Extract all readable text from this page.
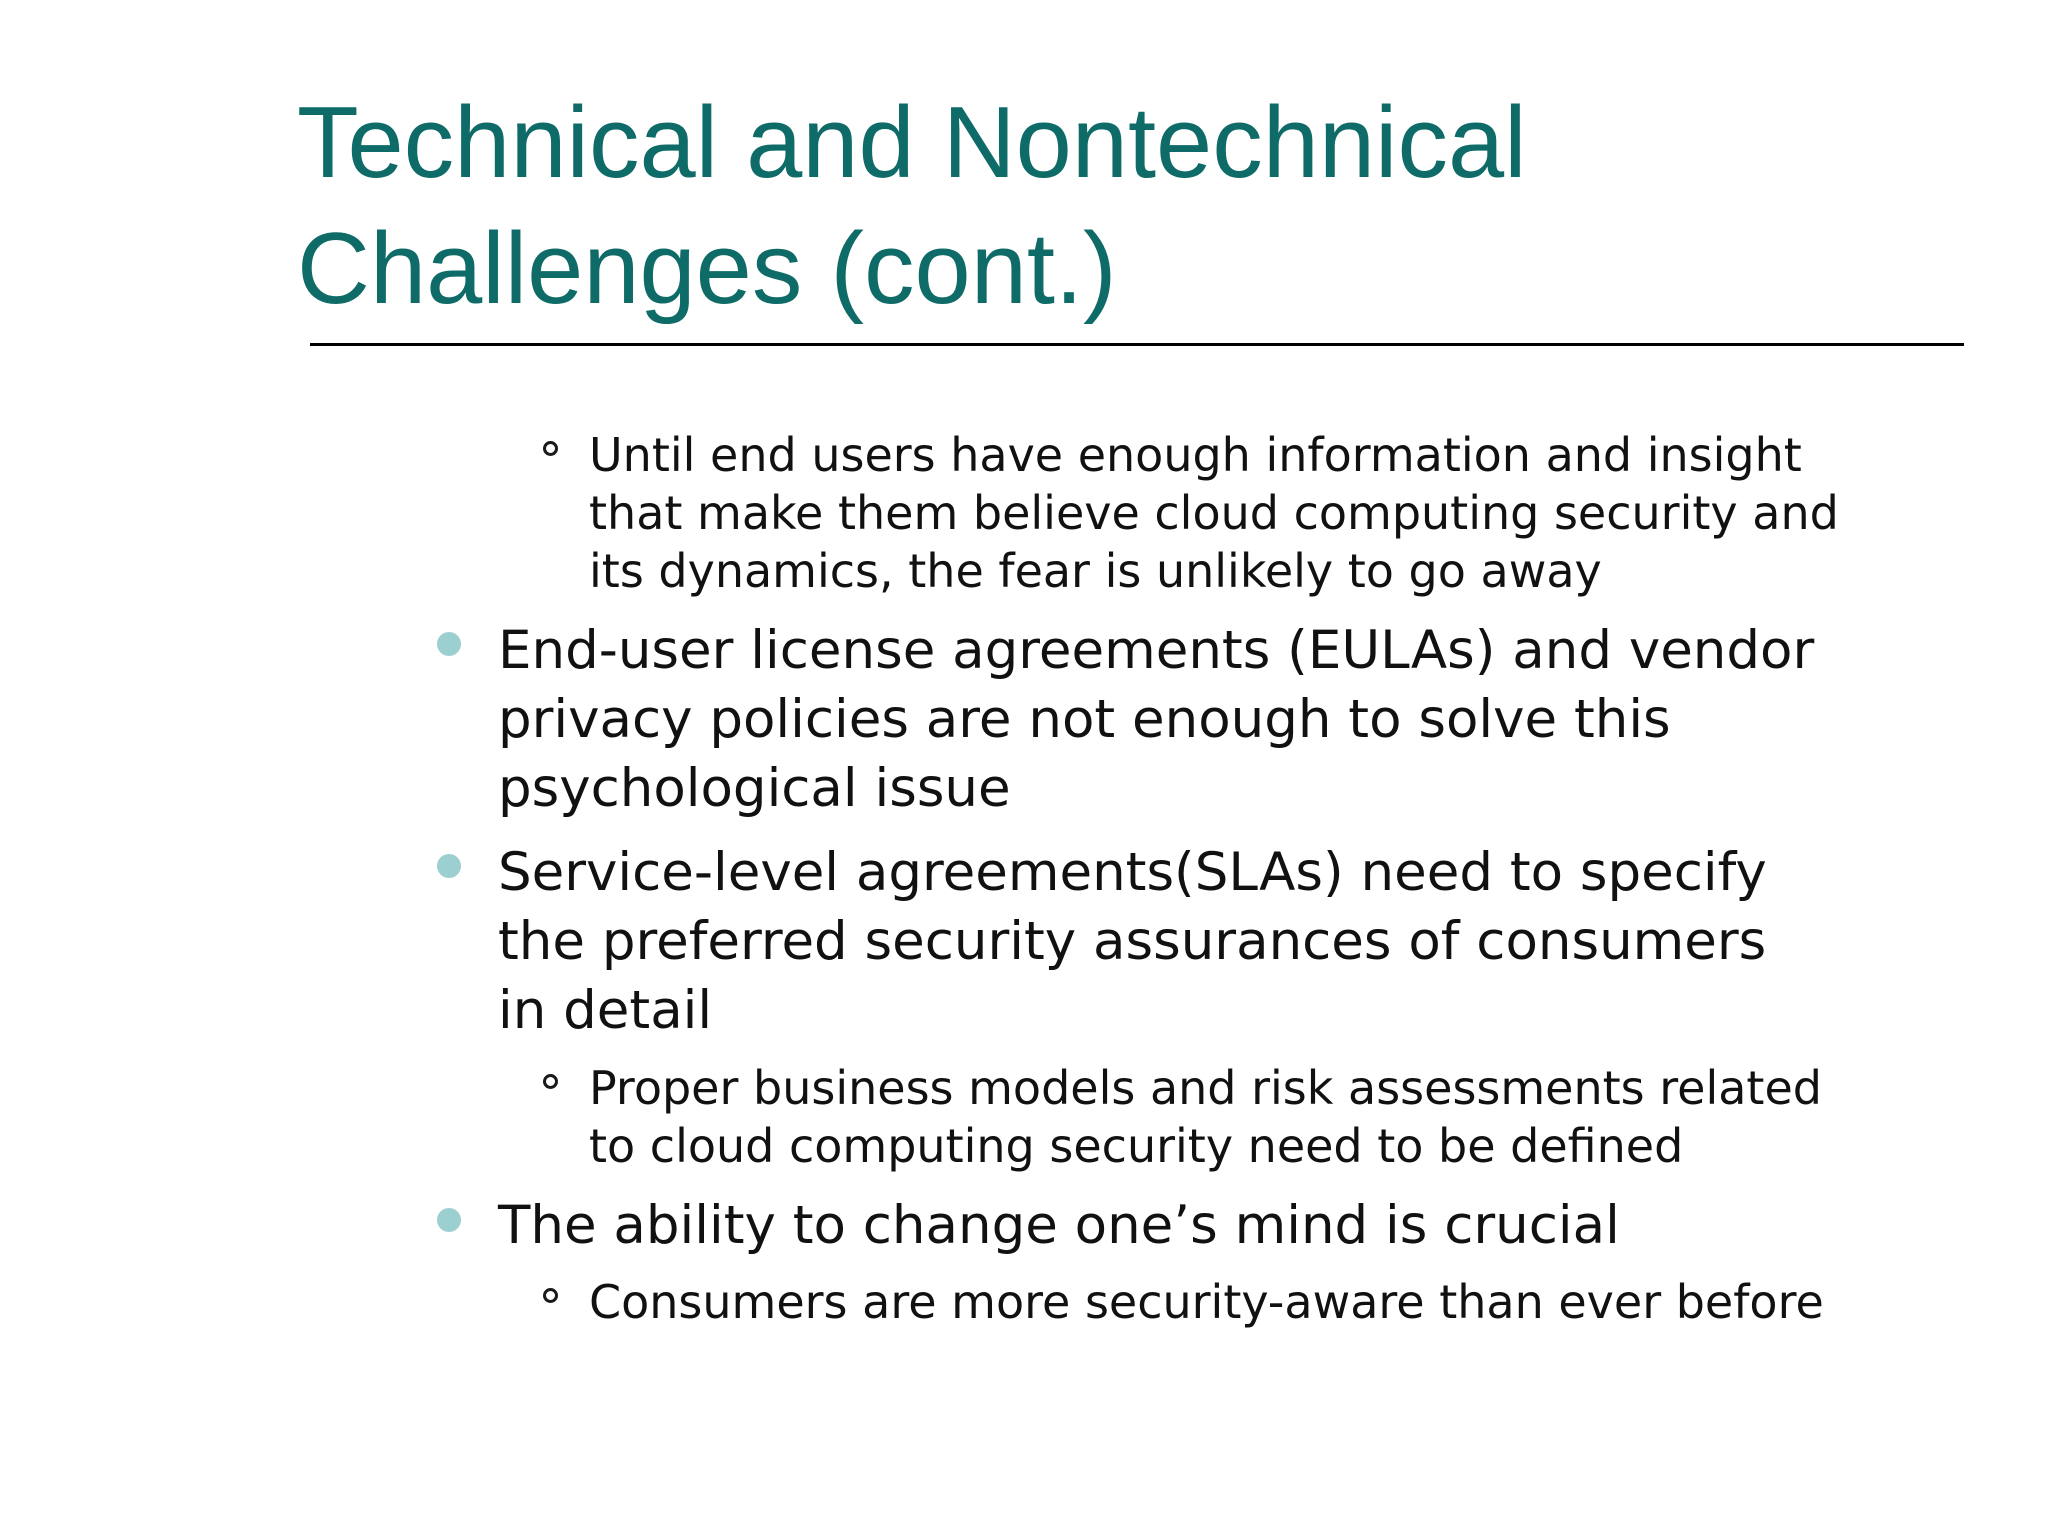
Technical and Nontechnical
Challenges (cont.)
Until end users have enough information and insight
that make them believe cloud computing security and
its dynamics, the fear is unlikely to go away
End-user license agreements (EULAs) and vendor
privacy policies are not enough to solve this
psychological issue
Service-level agreements(SLAs) need to specify
the preferred security assurances of consumers
in detail
Proper business models and risk assessments related
to cloud computing security need to be defined
The ability to change one’s mind is crucial
Consumers are more security-aware than ever before
